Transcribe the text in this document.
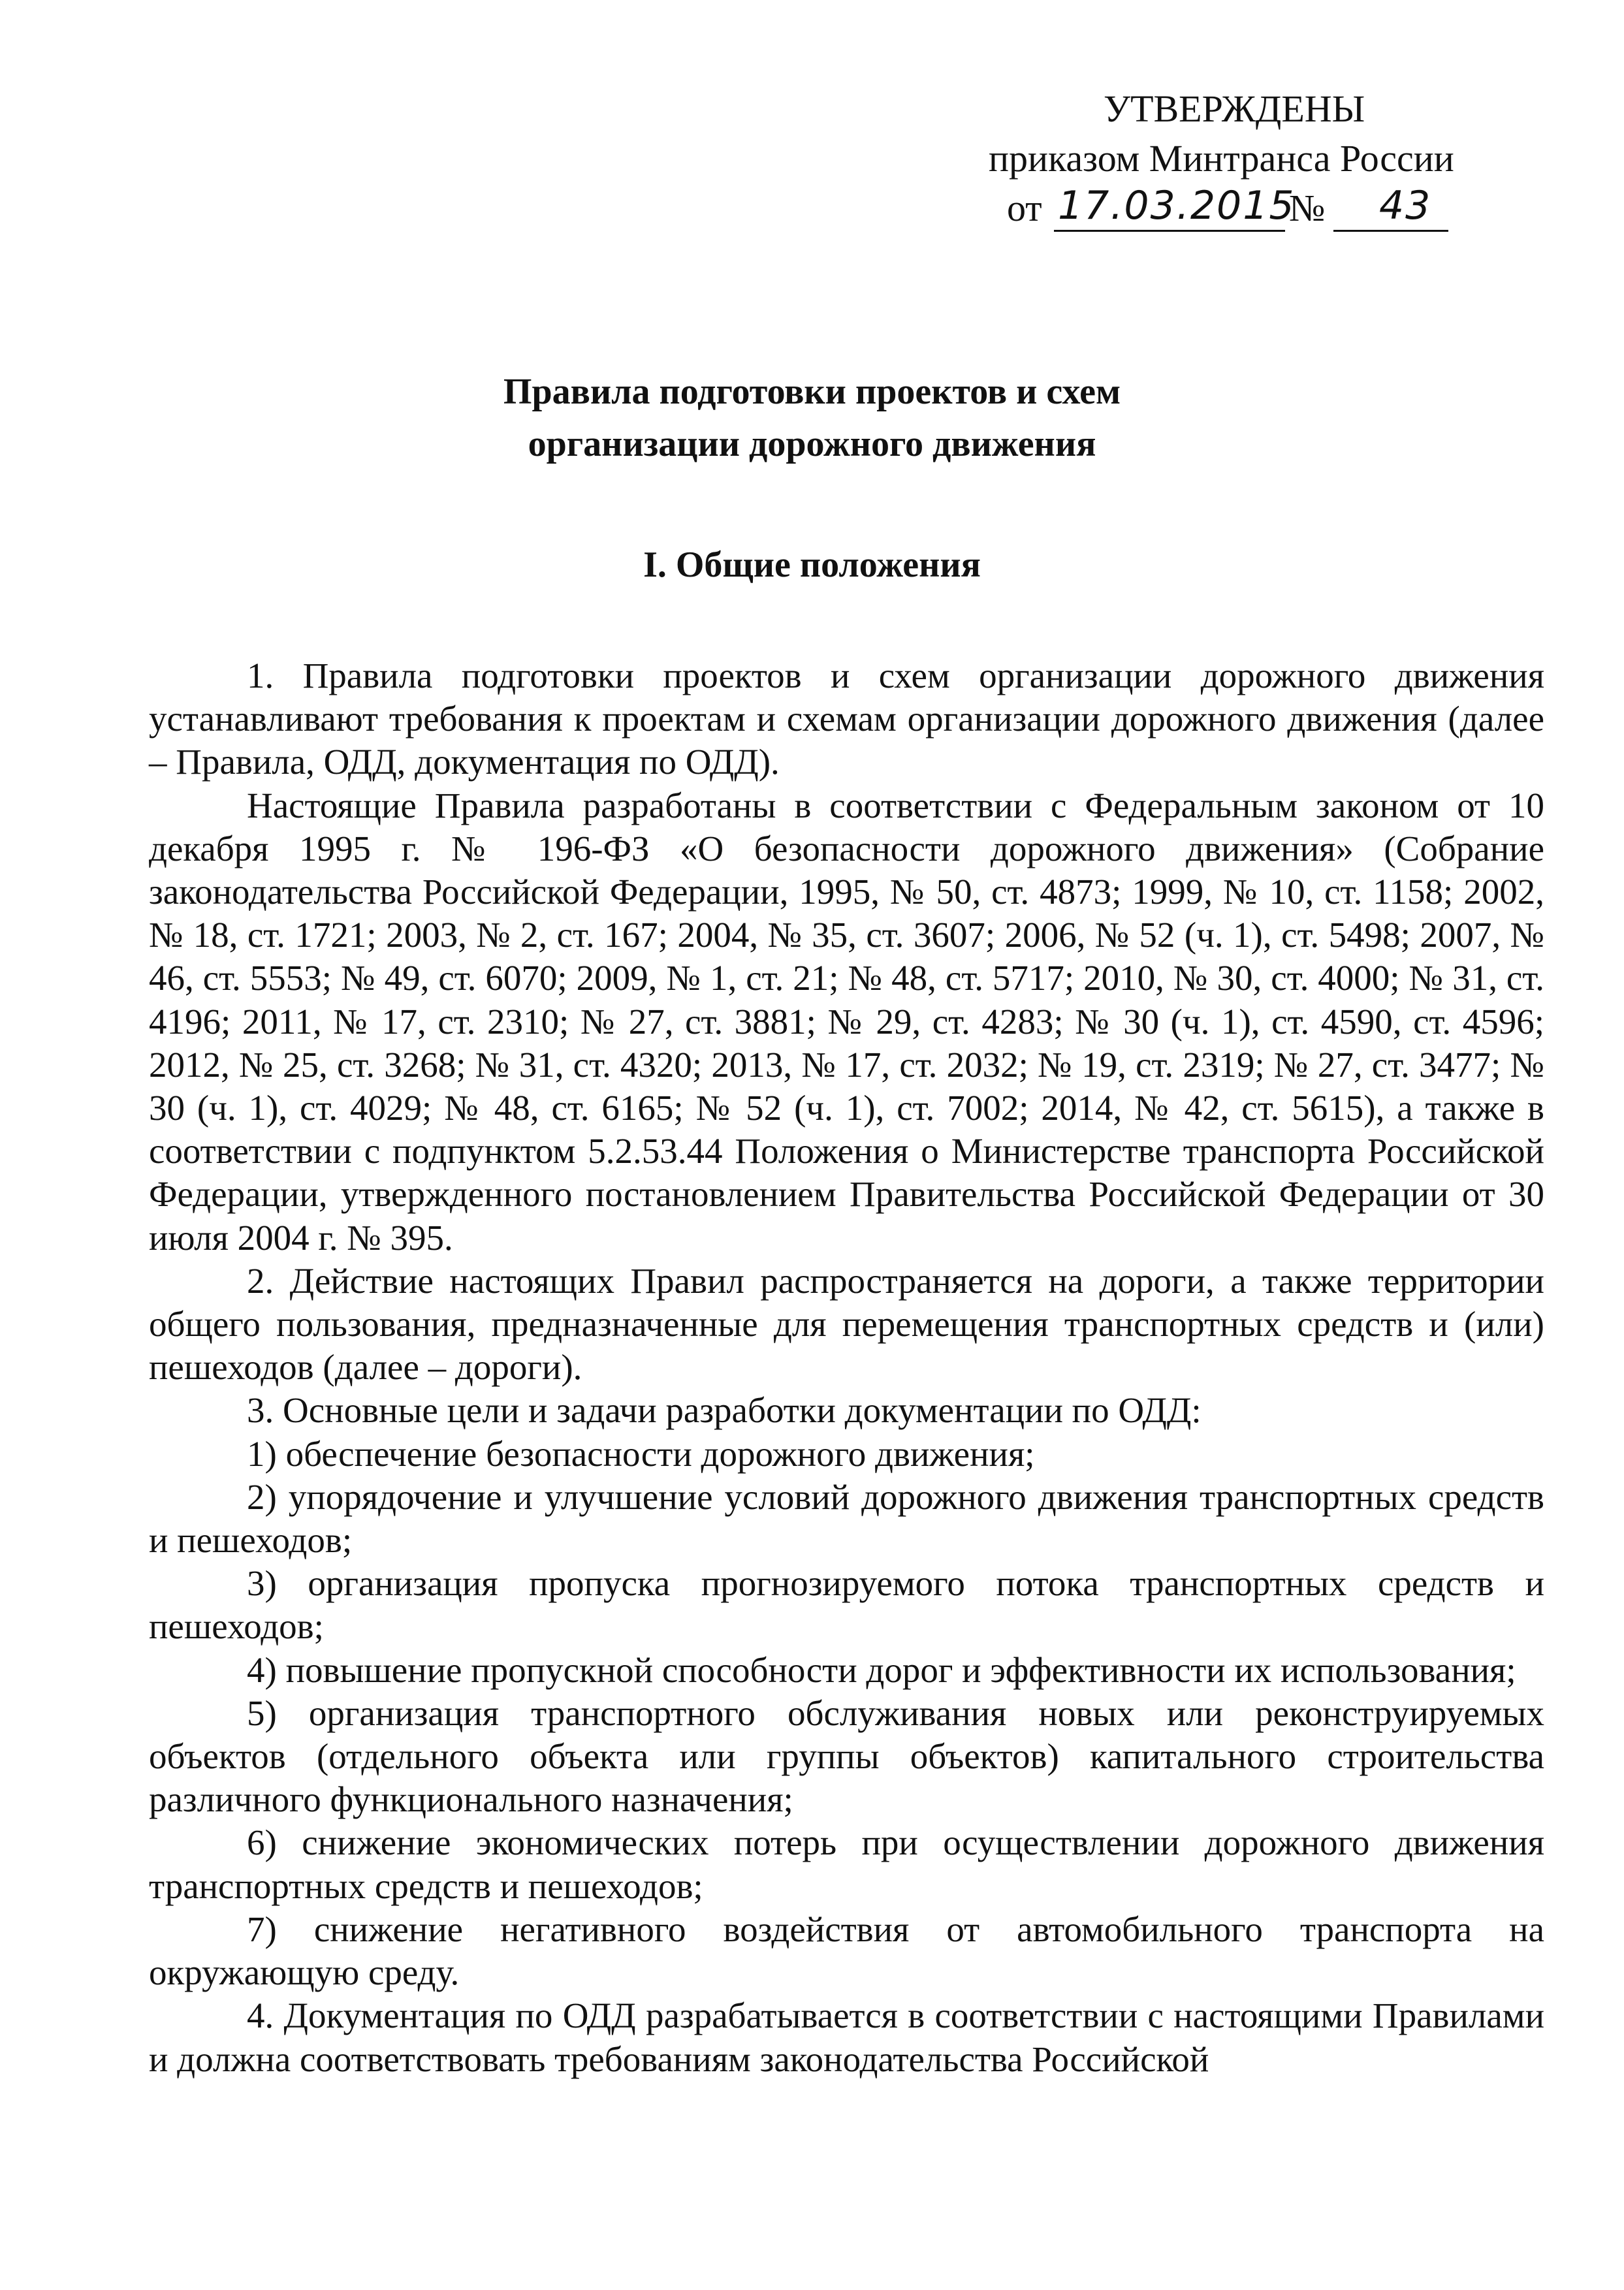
УТВЕРЖДЕНЫ
приказом Минтранса России
от 17.03.2015
№ 43
Правила подготовки проектов и схем
организации дорожного движения
I. Общие положения

1. Правила подготовки проектов и схем организации дорожного движения устанавливают требования к проектам и схемам организации дорожного движения (далее – Правила, ОДД, документация по ОДД).

Настоящие Правила разработаны в соответствии с Федеральным законом от 10 декабря 1995 г. № 196-ФЗ «О безопасности дорожного движения» (Собрание законодательства Российской Федерации, 1995, № 50, ст. 4873; 1999, № 10, ст. 1158; 2002, № 18, ст. 1721; 2003, № 2, ст. 167; 2004, № 35, ст. 3607; 2006, № 52 (ч. 1), ст. 5498; 2007, № 46, ст. 5553; № 49, ст. 6070; 2009, № 1, ст. 21; № 48, ст. 5717; 2010, № 30, ст. 4000; № 31, ст. 4196; 2011, № 17, ст. 2310; № 27, ст. 3881; № 29, ст. 4283; № 30 (ч. 1), ст. 4590, ст. 4596; 2012, № 25, ст. 3268; № 31, ст. 4320; 2013, № 17, ст. 2032; № 19, ст. 2319; № 27, ст. 3477; № 30 (ч. 1), ст. 4029; № 48, ст. 6165; № 52 (ч. 1), ст. 7002; 2014, № 42, ст. 5615), а также в соответствии с подпунктом 5.2.53.44 Положения о Министерстве транспорта Российской Федерации, утвержденного постановлением Правительства Российской Федерации от 30 июля 2004 г. № 395.

2. Действие настоящих Правил распространяется на дороги, а также территории общего пользования, предназначенные для перемещения транспортных средств и (или) пешеходов (далее – дороги).

3. Основные цели и задачи разработки документации по ОДД:

1) обеспечение безопасности дорожного движения;

2) упорядочение и улучшение условий дорожного движения транспортных средств и пешеходов;

3) организация пропуска прогнозируемого потока транспортных средств и пешеходов;

4) повышение пропускной способности дорог и эффективности их использования;

5) организация транспортного обслуживания новых или реконструируемых объектов (отдельного объекта или группы объектов) капитального строительства различного функционального назначения;

6) снижение экономических потерь при осуществлении дорожного движения транспортных средств и пешеходов;

7) снижение негативного воздействия от автомобильного транспорта на окружающую среду.

4. Документация по ОДД разрабатывается в соответствии с настоящими Правилами и должна соответствовать требованиям законодательства Российской
